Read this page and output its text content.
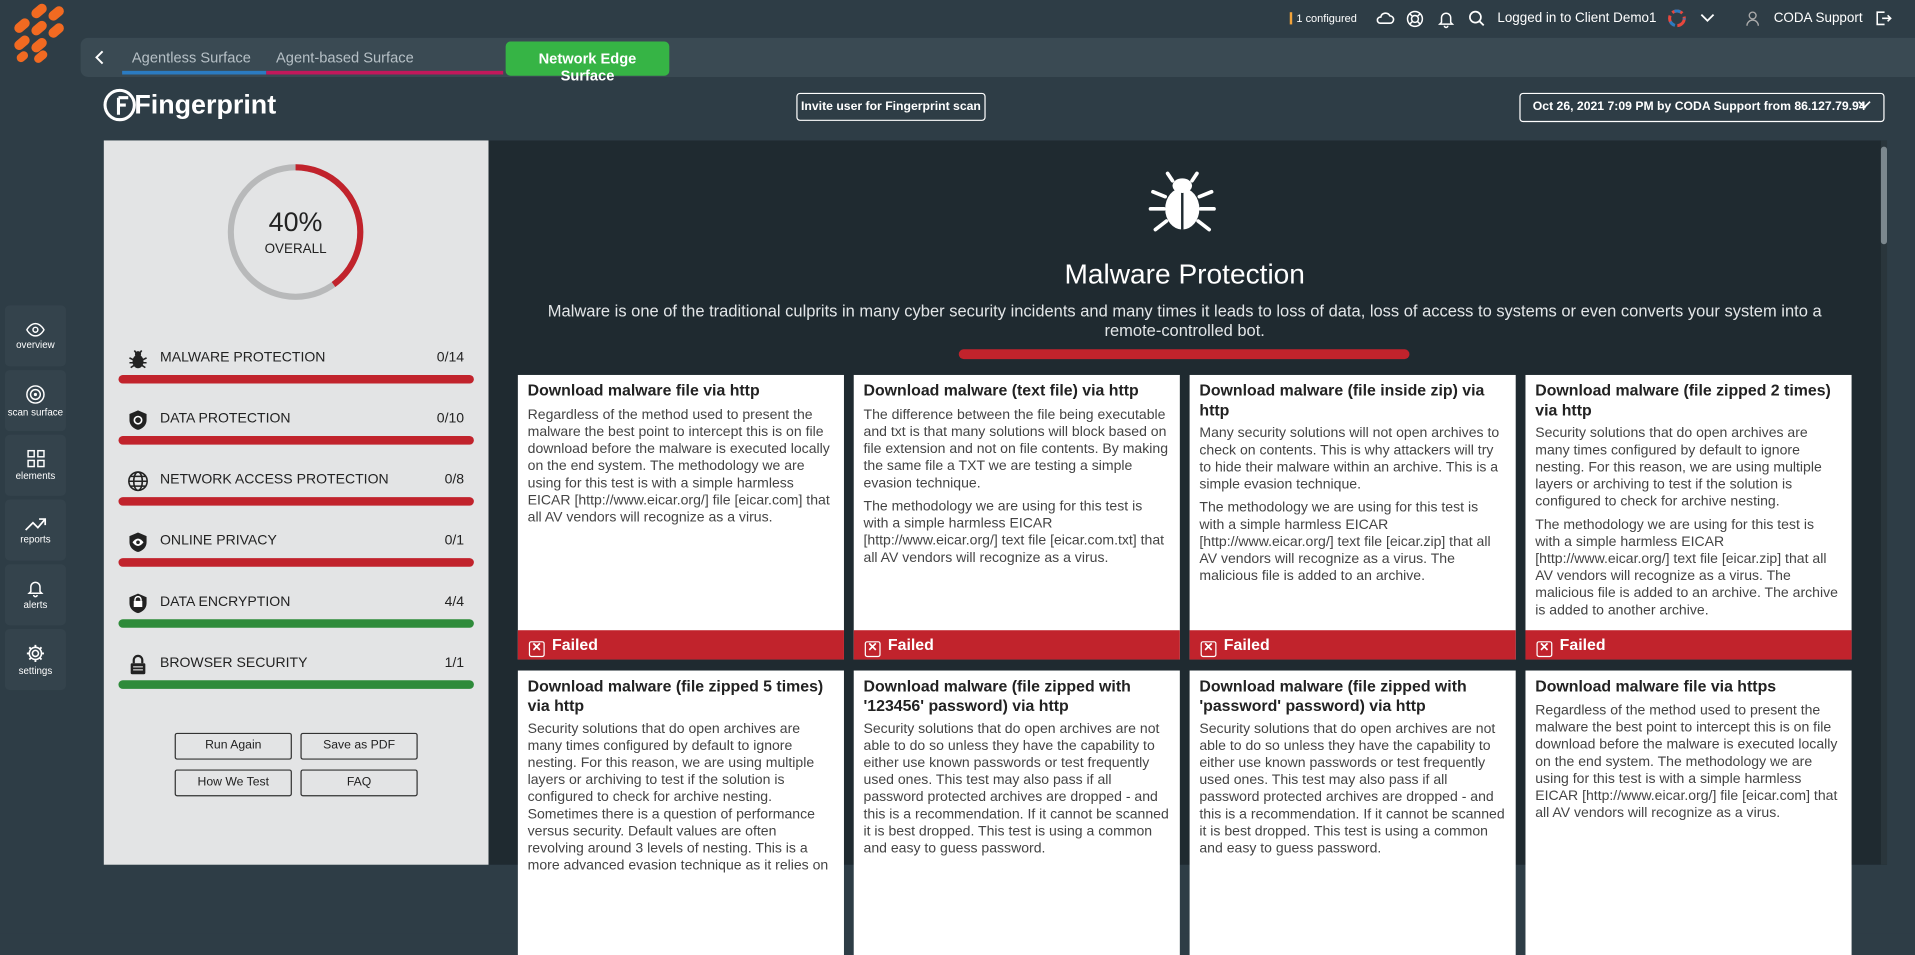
1 configured	Logged in to Client Demo1	CODA Support
Agentless Surface	Agent-based Surface	Network Edge Surface
overview
scan surface
elements
reports
alerts
settings
Fingerprint	Invite user for Fingerprint scan	Oct 26, 2021 7:09 PM by CODA Support from 86.127.79.94
40%
OVERALL
MALWARE PROTECTION	0/14
DATA PROTECTION	0/10
NETWORK ACCESS PROTECTION	0/8
ONLINE PRIVACY	0/1
DATA ENCRYPTION	4/4
BROWSER SECURITY	1/1
Run Again	Save as PDF
How We Test	FAQ
Malware Protection
Malware is one of the traditional culprits in many cyber security incidents and many times it leads to loss of data, loss of access to systems or even converts your system into a remote-controlled bot.
Download malware file via http

Regardless of the method used to present the malware the best point to intercept this is on file download before the malware is executed locally on the end system. The methodology we are using for this test is with a simple harmless EICAR [http://www.eicar.org/] file [eicar.com] that all AV vendors will recognize as a virus.

✕ Failed
Download malware (text file) via http

The difference between the file being executable and txt is that many solutions will block based on file extension and not on file contents. By making the same file a TXT we are testing a simple evasion technique.

The methodology we are using for this test is with a simple harmless EICAR [http://www.eicar.org/] text file [eicar.com.txt] that all AV vendors will recognize as a virus.

✕ Failed
Download malware (file inside zip) via http

Many security solutions will not open archives to check on contents. This is why attackers will try to hide their malware within an archive. This is a simple evasion technique.

The methodology we are using for this test is with a simple harmless EICAR [http://www.eicar.org/] text file [eicar.zip] that all AV vendors will recognize as a virus. The malicious file is added to an archive.

✕ Failed
Download malware (file zipped 2 times) via http

Security solutions that do open archives are many times configured by default to ignore nesting. For this reason, we are using multiple layers or archiving to test if the solution is configured to check for archive nesting.

The methodology we are using for this test is with a simple harmless EICAR [http://www.eicar.org/] text file [eicar.zip] that all AV vendors will recognize as a virus. The malicious file is added to an archive. The archive is added to another archive.

✕ Failed
Download malware (file zipped 5 times) via http

Security solutions that do open archives are many times configured by default to ignore nesting. For this reason, we are using multiple layers or archiving to test if the solution is configured to check for archive nesting. Sometimes there is a question of performance versus security. Default values are often revolving around 3 levels of nesting. This is a more advanced evasion technique as it relies on

Download malware (file zipped with '123456' password) via http

Security solutions that do open archives are not able to do so unless they have the capability to either use known passwords or test frequently used ones. This test may also pass if all password protected archives are dropped - and this is a recommendation. If it cannot be scanned it is best dropped. This test is using a common and easy to guess password.

Download malware (file zipped with 'password' password) via http

Security solutions that do open archives are not able to do so unless they have the capability to either use known passwords or test frequently used ones. This test may also pass if all password protected archives are dropped - and this is a recommendation. If it cannot be scanned it is best dropped. This test is using a common and easy to guess password.

Download malware file via https

Regardless of the method used to present the malware the best point to intercept this is on file download before the malware is executed locally on the end system. The methodology we are using for this test is with a simple harmless EICAR [http://www.eicar.org/] file [eicar.com] that all AV vendors will recognize as a virus.
